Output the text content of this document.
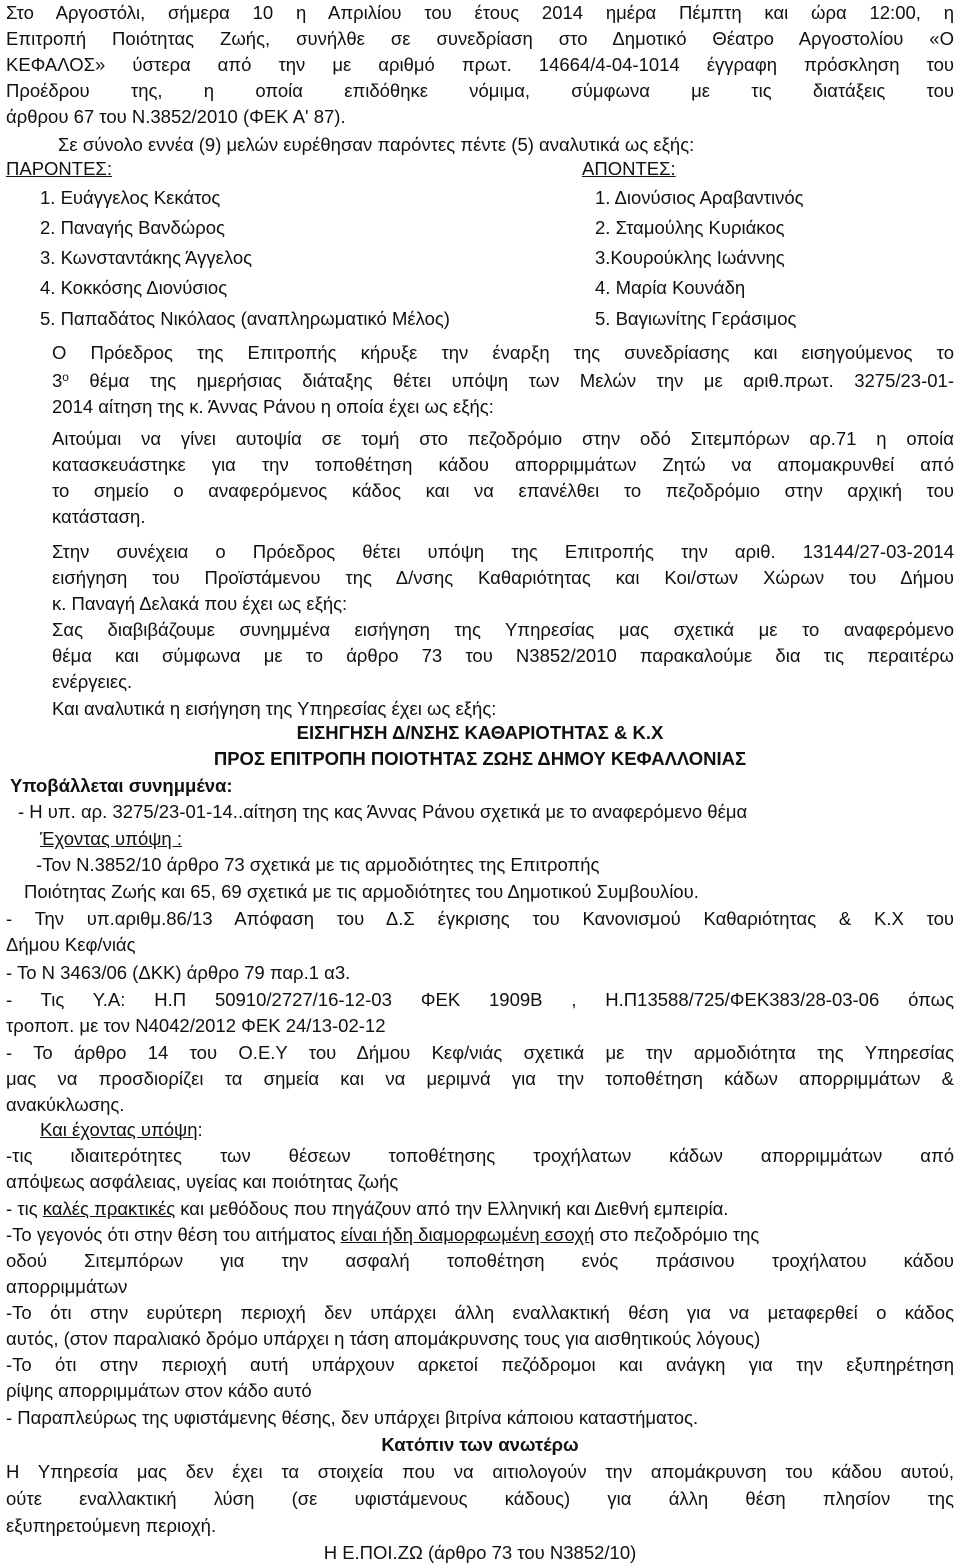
Στο Αργοστόλι, σήμερα 10 η Απριλίου του έτους 2014 ημέρα Πέμπτη και ώρα 12:00, η
Επιτροπή Ποιότητας Ζωής, συνήλθε σε συνεδρίαση στο Δημοτικό Θέατρο Αργοστολίου «Ο
ΚΕΦΑΛΟΣ» ύστερα από την με αριθμό πρωτ. 14664/4-04-1014 έγγραφη πρόσκληση του
Προέδρου της, η οποία επιδόθηκε νόμιμα, σύμφωνα με τις διατάξεις του
άρθρου 67 του Ν.3852/2010 (ΦΕΚ Α' 87).
Σε σύνολο εννέα (9) μελών ευρέθησαν παρόντες πέντε (5) αναλυτικά ως εξής:
ΠΑΡΟΝΤΕΣ:	ΑΠΟΝΤΕΣ:
1. Ευάγγελος Κεκάτος
2. Παναγής Βανδώρος
3. Κωνσταντάκης Άγγελος
4. Κοκκόσης Διονύσιος
5. Παπαδάτος Νικόλαος (αναπληρωματικό Μέλος)
1. Διονύσιος Αραβαντινός
2. Σταμούλης Κυριάκος
3.Κουρούκλης Ιωάννης
4. Μαρία Κουνάδη
5. Βαγιωνίτης Γεράσιμος
Ο Πρόεδρος της Επιτροπής κήρυξε την έναρξη της συνεδρίασης και εισηγούμενος το
$3^o$ θέμα της ημερήσιας διάταξης θέτει υπόψη των Μελών την με αριθ.πρωτ. 3275/23-01-
2014 αίτηση της κ. Άννας Ράνου η οποία έχει ως εξής:
Αιτούμαι να γίνει αυτοψία σε τομή στο πεζοδρόμιο στην οδό Σιτεμπόρων αρ.71 η οποία
κατασκευάστηκε για την τοποθέτηση κάδου απορριμμάτων Ζητώ να απομακρυνθεί από
το σημείο ο αναφερόμενος κάδος και να επανέλθει το πεζοδρόμιο στην αρχική του
κατάσταση.
Στην συνέχεια ο Πρόεδρος θέτει υπόψη της Επιτροπής την αριθ. 13144/27-03-2014
εισήγηση του Προϊστάμενου της Δ/νσης Καθαριότητας και Κοι/στων Χώρων του Δήμου
κ. Παναγή Δελακά που έχει ως εξής:
Σας διαβιβάζουμε συνημμένα εισήγηση της Υπηρεσίας μας σχετικά με το αναφερόμενο
θέμα και σύμφωνα με το άρθρο 73 του Ν3852/2010 παρακαλούμε δια τις περαιτέρω
ενέργειες.
Και αναλυτικά η εισήγηση της Υπηρεσίας έχει ως εξής:
ΕΙΣΗΓΗΣΗ Δ/ΝΣΗΣ ΚΑΘΑΡΙΟΤΗΤΑΣ & Κ.Χ
ΠΡΟΣ ΕΠΙΤΡΟΠΗ ΠΟΙΟΤΗΤΑΣ ΖΩΗΣ ΔΗΜΟΥ ΚΕΦΑΛΛΟΝΙΑΣ
Υποβάλλεται συνημμένα:
- Η υπ. αρ. 3275/23-01-14..αίτηση της κας Άννας Ράνου σχετικά με το αναφερόμενο θέμα
Έχοντας υπόψη :
-Τον Ν.3852/10 άρθρο 73 σχετικά με τις αρμοδιότητες της Επιτροπής
Ποιότητας Ζωής και 65, 69 σχετικά με τις αρμοδιότητες του Δημοτικού Συμβουλίου.
- Την υπ.αριθμ.86/13 Απόφαση του Δ.Σ έγκρισης του Κανονισμού Καθαριότητας & Κ.Χ του
Δήμου Κεφ/νιάς
- Το Ν 3463/06 (ΔΚΚ) άρθρο 79 παρ.1 α3.
- Τις Υ.Α: Η.Π 50910/2727/16-12-03 ΦΕΚ 1909Β , Η.Π13588/725/ΦΕΚ383/28-03-06 όπως
τροποπ. με τον Ν4042/2012 ΦΕΚ 24/13-02-12
- Το άρθρο 14 του Ο.Ε.Υ του Δήμου Κεφ/νιάς σχετικά με την αρμοδιότητα της Υπηρεσίας
μας να προσδιορίζει τα σημεία και να μεριμνά για την τοποθέτηση κάδων απορριμμάτων &
ανακύκλωσης.
Και έχοντας υπόψη:
-τις ιδιαιτερότητες των θέσεων τοποθέτησης τροχήλατων κάδων απορριμμάτων από
απόψεως ασφάλειας, υγείας και ποιότητας ζωής
- τις καλές πρακτικές και μεθόδους που πηγάζουν από την Ελληνική και Διεθνή εμπειρία.
-Το γεγονός ότι στην θέση του αιτήματος είναι ήδη διαμορφωμένη εσοχή στο πεζοδρόμιο της
οδού Σιτεμπόρων για την ασφαλή τοποθέτηση ενός πράσινου τροχήλατου κάδου
απορριμμάτων
-Το ότι στην ευρύτερη περιοχή δεν υπάρχει άλλη εναλλακτική θέση για να μεταφερθεί ο κάδος
αυτός, (στον παραλιακό δρόμο υπάρχει η τάση απομάκρυνσης τους για αισθητικούς λόγους)
-Το ότι στην περιοχή αυτή υπάρχουν αρκετοί πεζόδρομοι και ανάγκη για την εξυπηρέτηση
ρίψης απορριμμάτων στον κάδο αυτό
- Παραπλεύρως της υφιστάμενης θέσης, δεν υπάρχει βιτρίνα κάποιου καταστήματος.
Κατόπιν των ανωτέρω
Η Υπηρεσία μας δεν έχει τα στοιχεία που να αιτιολογούν την απομάκρυνση του κάδου αυτού,
ούτε εναλλακτική λύση (σε υφιστάμενους κάδους) για άλλη θέση πλησίον της
εξυπηρετούμενη περιοχή.
Η Ε.ΠΟΙ.ΖΩ (άρθρο 73 του Ν3852/10)
